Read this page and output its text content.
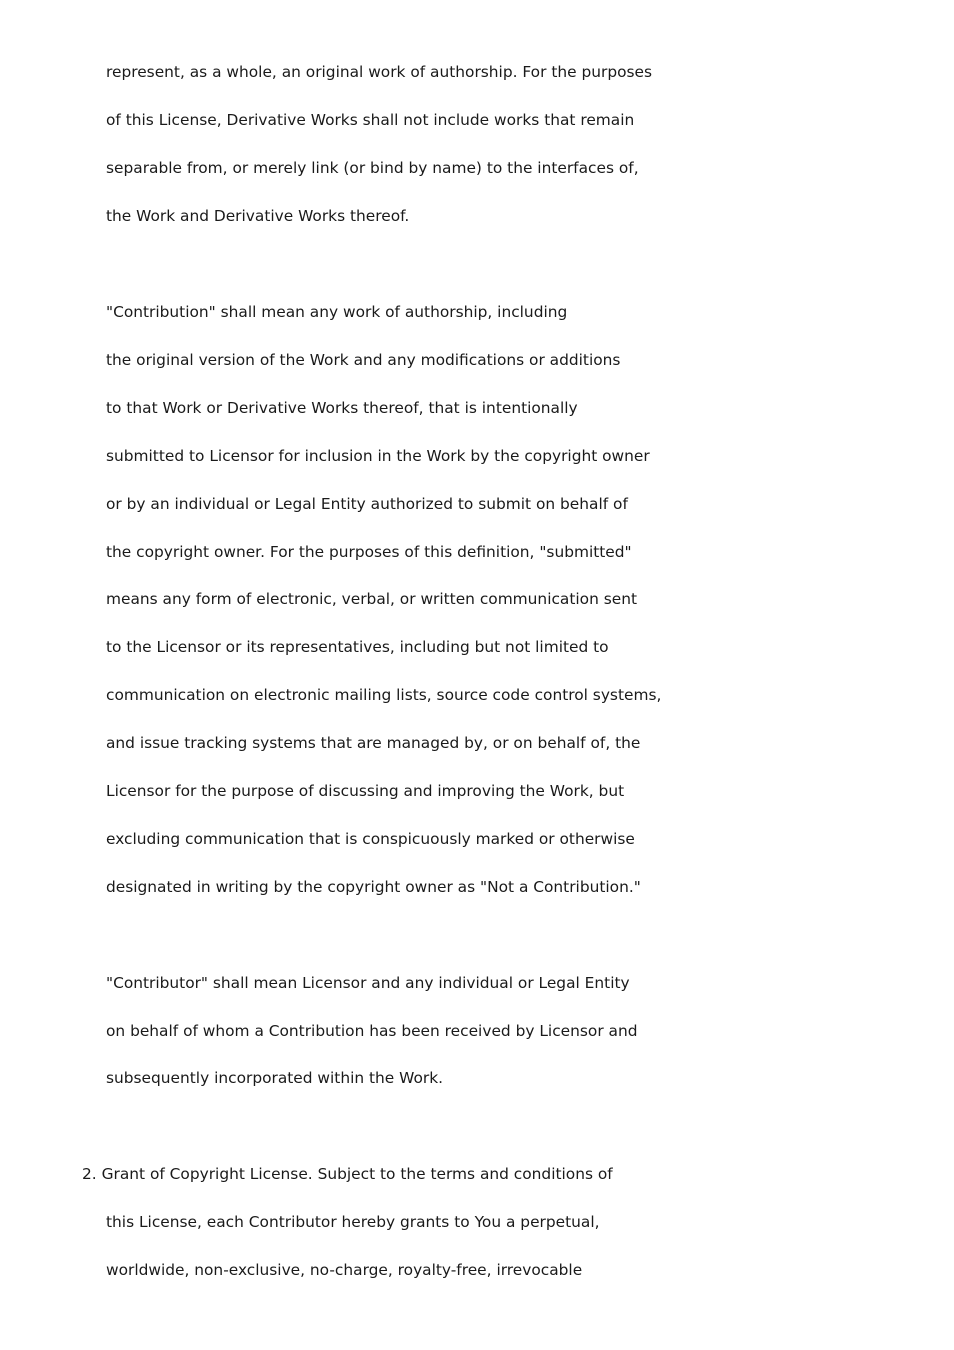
represent, as a whole, an original work of authorship. For the purposes
of this License, Derivative Works shall not include works that remain
separable from, or merely link (or bind by name) to the interfaces of,
the Work and Derivative Works thereof.
"Contribution" shall mean any work of authorship, including
the original version of the Work and any modifications or additions
to that Work or Derivative Works thereof, that is intentionally
submitted to Licensor for inclusion in the Work by the copyright owner
or by an individual or Legal Entity authorized to submit on behalf of
the copyright owner. For the purposes of this definition, "submitted"
means any form of electronic, verbal, or written communication sent
to the Licensor or its representatives, including but not limited to
communication on electronic mailing lists, source code control systems,
and issue tracking systems that are managed by, or on behalf of, the
Licensor for the purpose of discussing and improving the Work, but
excluding communication that is conspicuously marked or otherwise
designated in writing by the copyright owner as "Not a Contribution."
"Contributor" shall mean Licensor and any individual or Legal Entity
on behalf of whom a Contribution has been received by Licensor and
subsequently incorporated within the Work.
2. Grant of Copyright License. Subject to the terms and conditions of
this License, each Contributor hereby grants to You a perpetual,
worldwide, non-exclusive, no-charge, royalty-free, irrevocable
